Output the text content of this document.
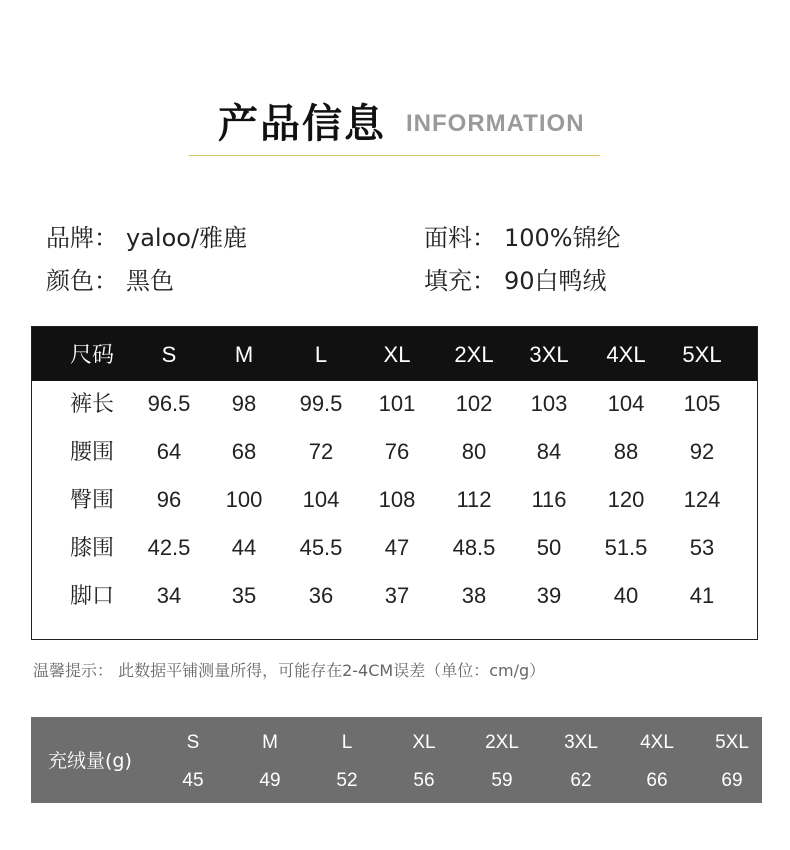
产品信息 INFORMATION
品牌： yaloo/雅鹿	面料： 100%锦纶
颜色： 黑色	填充： 90白鸭绒
尺码	S	M	L	XL	2XL	3XL	4XL	5XL
裤长	96.5	98	99.5	101	102	103	104	105
腰围	64	68	72	76	80	84	88	92
臀围	96	100	104	108	112	116	120	124
膝围	42.5	44	45.5	47	48.5	50	51.5	53
脚口	34	35	36	37	38	39	40	41
温馨提示： 此数据平铺测量所得，可能存在2-4CM误差（单位：cm/g）
充绒量(g)
S	M	L	XL	2XL	3XL	4XL	5XL
45	49	52	56	59	62	66	69
